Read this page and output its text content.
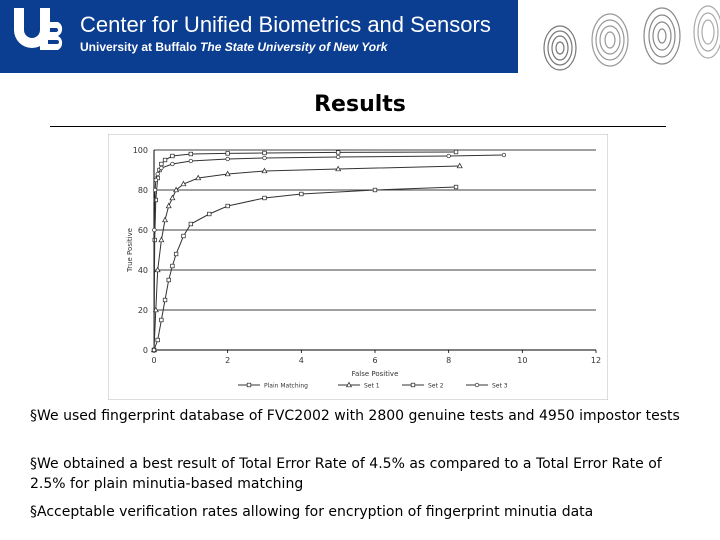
Center for Unified Biometrics and Sensors
University at Buffalo The State University of New York
Results
0
20
40
60
80
100
0	2	4	6	8	10	12
False Positive
True Positive
Plain Matching	Set 1	Set 2	Set 3
§We used fingerprint database of FVC2002 with 2800 genuine tests and 4950 impostor tests
§We obtained a best result of Total Error Rate of 4.5% as compared to a Total Error Rate of 2.5% for plain minutia-based matching
§Acceptable verification rates allowing for encryption of fingerprint minutia data
